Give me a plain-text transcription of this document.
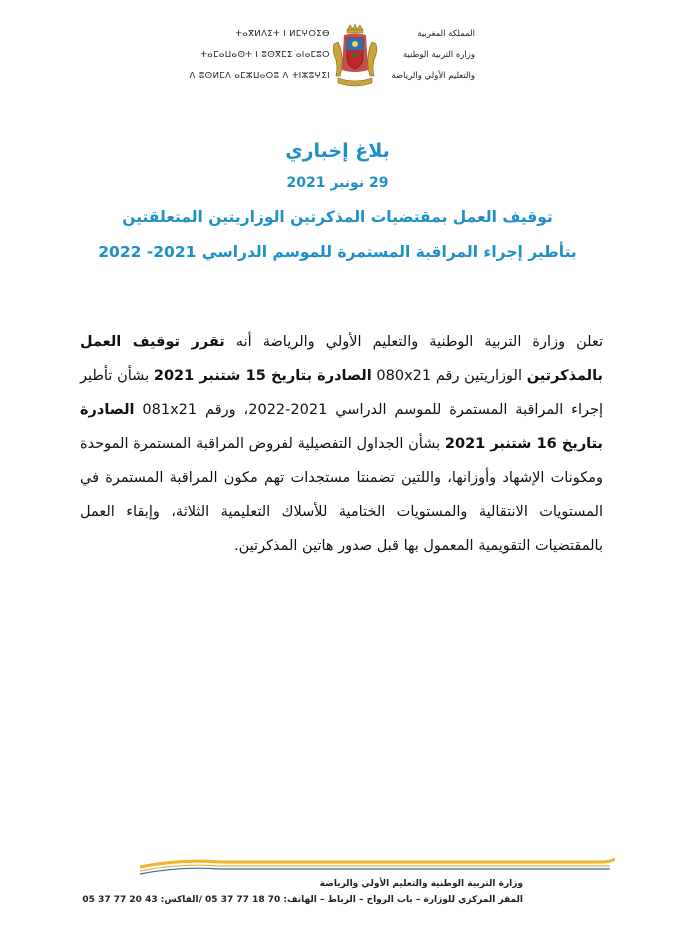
ⵜⴰⴳⵍⴷⵉⵜ ⵏ ⵍⵎⵖⵔⵉⴱ
ⵜⴰⵎⴰⵡⴰⵙⵜ ⵏ ⵓⵙⴳⵎⵉ ⴰⵏⴰⵎⵓⵔ
ⴷ ⵓⵙⵍⵎⴷ ⴰⵎⵣⵡⴰⵔⵓ ⴷ ⵜⵏⵣⵓⵖⵉⵏ
المملكة المغربية
وزارة التربية الوطنية
والتعليم الأولي والرياضة
بلاغ إخباري
29 نونبر 2021
توقيف العمل بمقتضيات المذكرتين الوزاريتين المتعلقتين
بتأطير إجراء المراقبة المستمرة للموسم الدراسي 2021- 2022
تعلن وزارة التربية الوطنية والتعليم الأولي والرياضة أنه تقرر توقيف العمل بالمذكرتين الوزاريتين رقم 080x21 الصادرة بتاريخ 15 شتنبر 2021 بشأن تأطير إجراء المراقبة المستمرة للموسم الدراسي 2021-2022، ورقم 081x21 الصادرة بتاريخ 16 شتنبر 2021 بشأن الجداول التفصيلية لفروض المراقبة المستمرة الموحدة ومكونات الإشهاد وأوزانها، واللتين تضمنتا مستجدات تهم مكون المراقبة المستمرة في المستويات الانتقالية والمستويات الختامية للأسلاك التعليمية الثلاثة، وإبقاء العمل بالمقتضيات التقويمية المعمول بها قبل صدور هاتين المذكرتين.
وزارة التربية الوطنية والتعليم الأولي والرياضة
المقر المركزي للوزارة – باب الرواح – الرباط – الهاتف: 70 18 77 37 05 /الفاكس: 43 20 77 37 05
